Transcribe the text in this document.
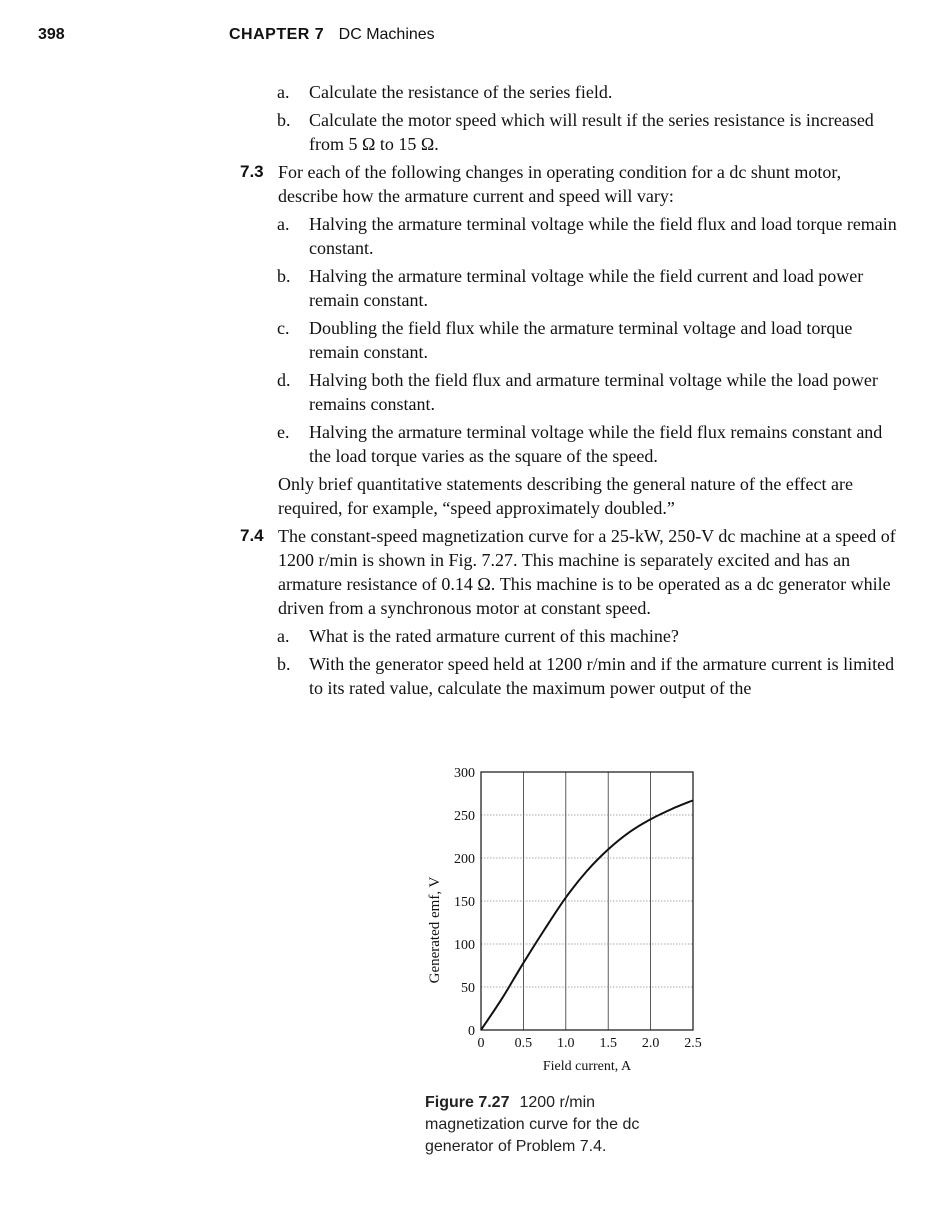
398	CHAPTER 7 DC Machines
a. Calculate the resistance of the series field.
b. Calculate the motor speed which will result if the series resistance is increased from 5 Ω to 15 Ω.
7.3 For each of the following changes in operating condition for a dc shunt motor, describe how the armature current and speed will vary:
a. Halving the armature terminal voltage while the field flux and load torque remain constant.
b. Halving the armature terminal voltage while the field current and load power remain constant.
c. Doubling the field flux while the armature terminal voltage and load torque remain constant.
d. Halving both the field flux and armature terminal voltage while the load power remains constant.
e. Halving the armature terminal voltage while the field flux remains constant and the load torque varies as the square of the speed.
Only brief quantitative statements describing the general nature of the effect are required, for example, “speed approximately doubled.”
7.4 The constant-speed magnetization curve for a 25-kW, 250-V dc machine at a speed of 1200 r/min is shown in Fig. 7.27. This machine is separately excited and has an armature resistance of 0.14 Ω. This machine is to be operated as a dc generator while driven from a synchronous motor at constant speed.
a. What is the rated armature current of this machine?
b. With the generator speed held at 1200 r/min and if the armature current is limited to its rated value, calculate the maximum power output of the
0 0.5 1.0 1.5 2.0 2.5
0
50
100
150
200
250
300
Field current, A
Generated emf, V
Figure 7.27 1200 r/min magnetization curve for the dc generator of Problem 7.4.
